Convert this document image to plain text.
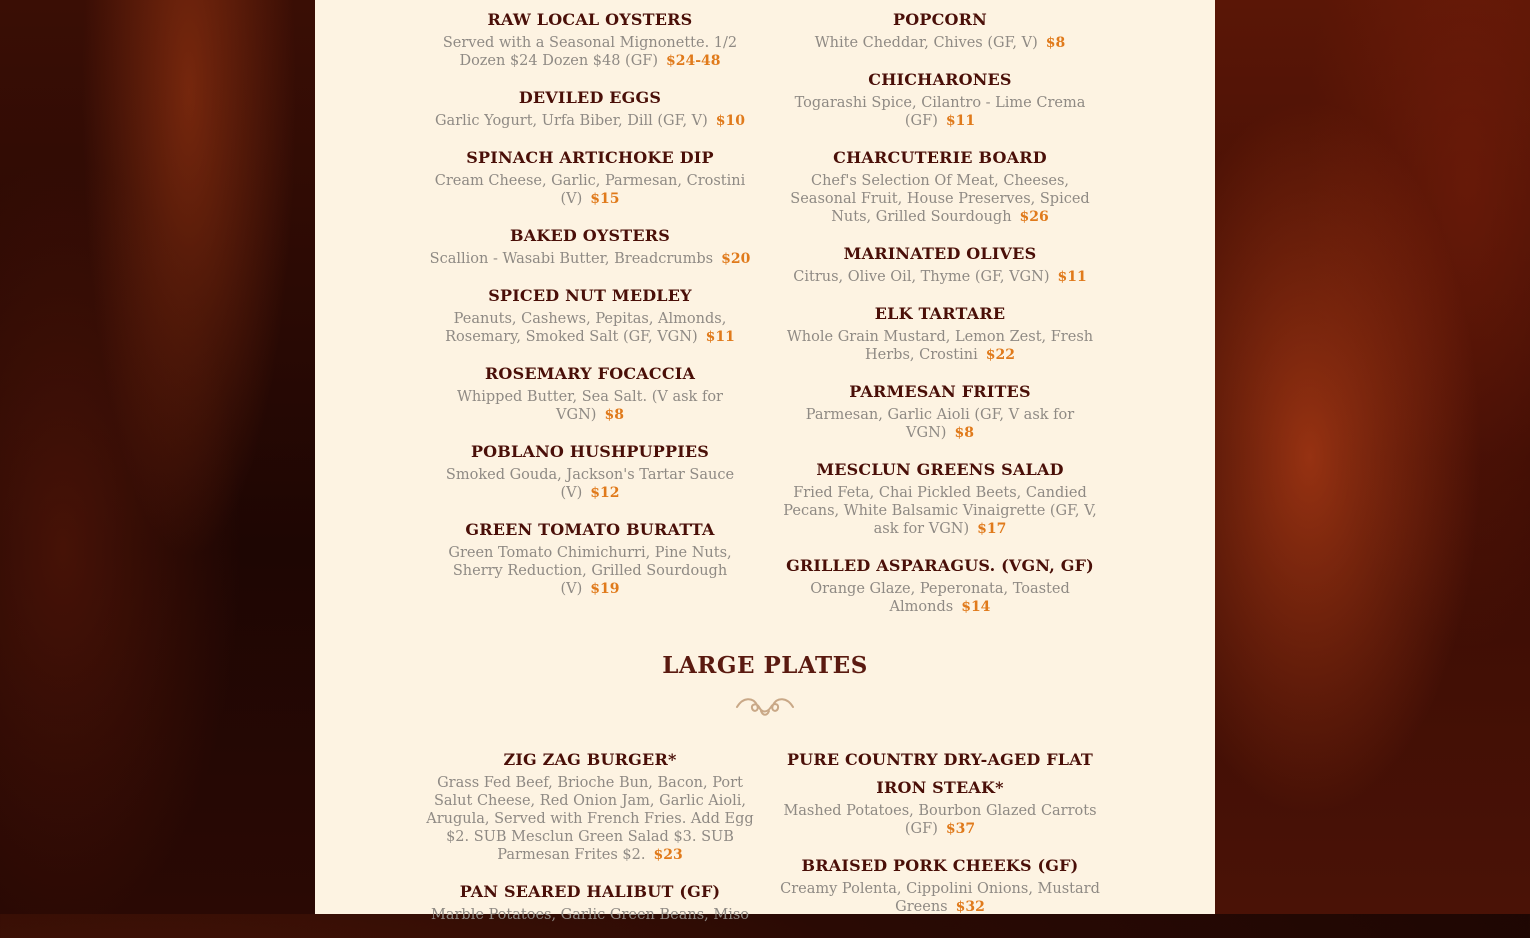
RAW LOCAL OYSTERS

Served with a Seasonal Mignonette. 1/2 Dozen $24 Dozen $48 (GF) $24-48

DEVILED EGGS

Garlic Yogurt, Urfa Biber, Dill (GF, V) $10

SPINACH ARTICHOKE DIP

Cream Cheese, Garlic, Parmesan, Crostini (V) $15

BAKED OYSTERS

Scallion - Wasabi Butter, Breadcrumbs $20

SPICED NUT MEDLEY

Peanuts, Cashews, Pepitas, Almonds, Rosemary, Smoked Salt (GF, VGN) $11

ROSEMARY FOCACCIA

Whipped Butter, Sea Salt. (V ask for VGN) $8

POBLANO HUSHPUPPIES

Smoked Gouda, Jackson's Tartar Sauce (V) $12

GREEN TOMATO BURATTA

Green Tomato Chimichurri, Pine Nuts, Sherry Reduction, Grilled Sourdough (V) $19

POPCORN

White Cheddar, Chives (GF, V) $8

CHICHARONES

Togarashi Spice, Cilantro - Lime Crema (GF) $11

CHARCUTERIE BOARD

Chef's Selection Of Meat, Cheeses, Seasonal Fruit, House Preserves, Spiced Nuts, Grilled Sourdough $26

MARINATED OLIVES

Citrus, Olive Oil, Thyme (GF, VGN) $11

ELK TARTARE

Whole Grain Mustard, Lemon Zest, Fresh Herbs, Crostini $22

PARMESAN FRITES

Parmesan, Garlic Aioli (GF, V ask for VGN) $8

MESCLUN GREENS SALAD

Fried Feta, Chai Pickled Beets, Candied Pecans, White Balsamic Vinaigrette (GF, V, ask for VGN) $17

GRILLED ASPARAGUS. (VGN, GF)

Orange Glaze, Peperonata, Toasted Almonds $14

LARGE PLATES

ZIG ZAG BURGER*

Grass Fed Beef, Brioche Bun, Bacon, Port Salut Cheese, Red Onion Jam, Garlic Aioli, Arugula, Served with French Fries. Add Egg $2. SUB Mesclun Green Salad $3. SUB Parmesan Frites $2. $23

PAN SEARED HALIBUT (GF)

Marble Potatoes, Garlic Green Beans, Miso

PURE COUNTRY DRY-AGED FLAT IRON STEAK*

Mashed Potatoes, Bourbon Glazed Carrots (GF) $37

BRAISED PORK CHEEKS (GF)

Creamy Polenta, Cippolini Onions, Mustard Greens $32
